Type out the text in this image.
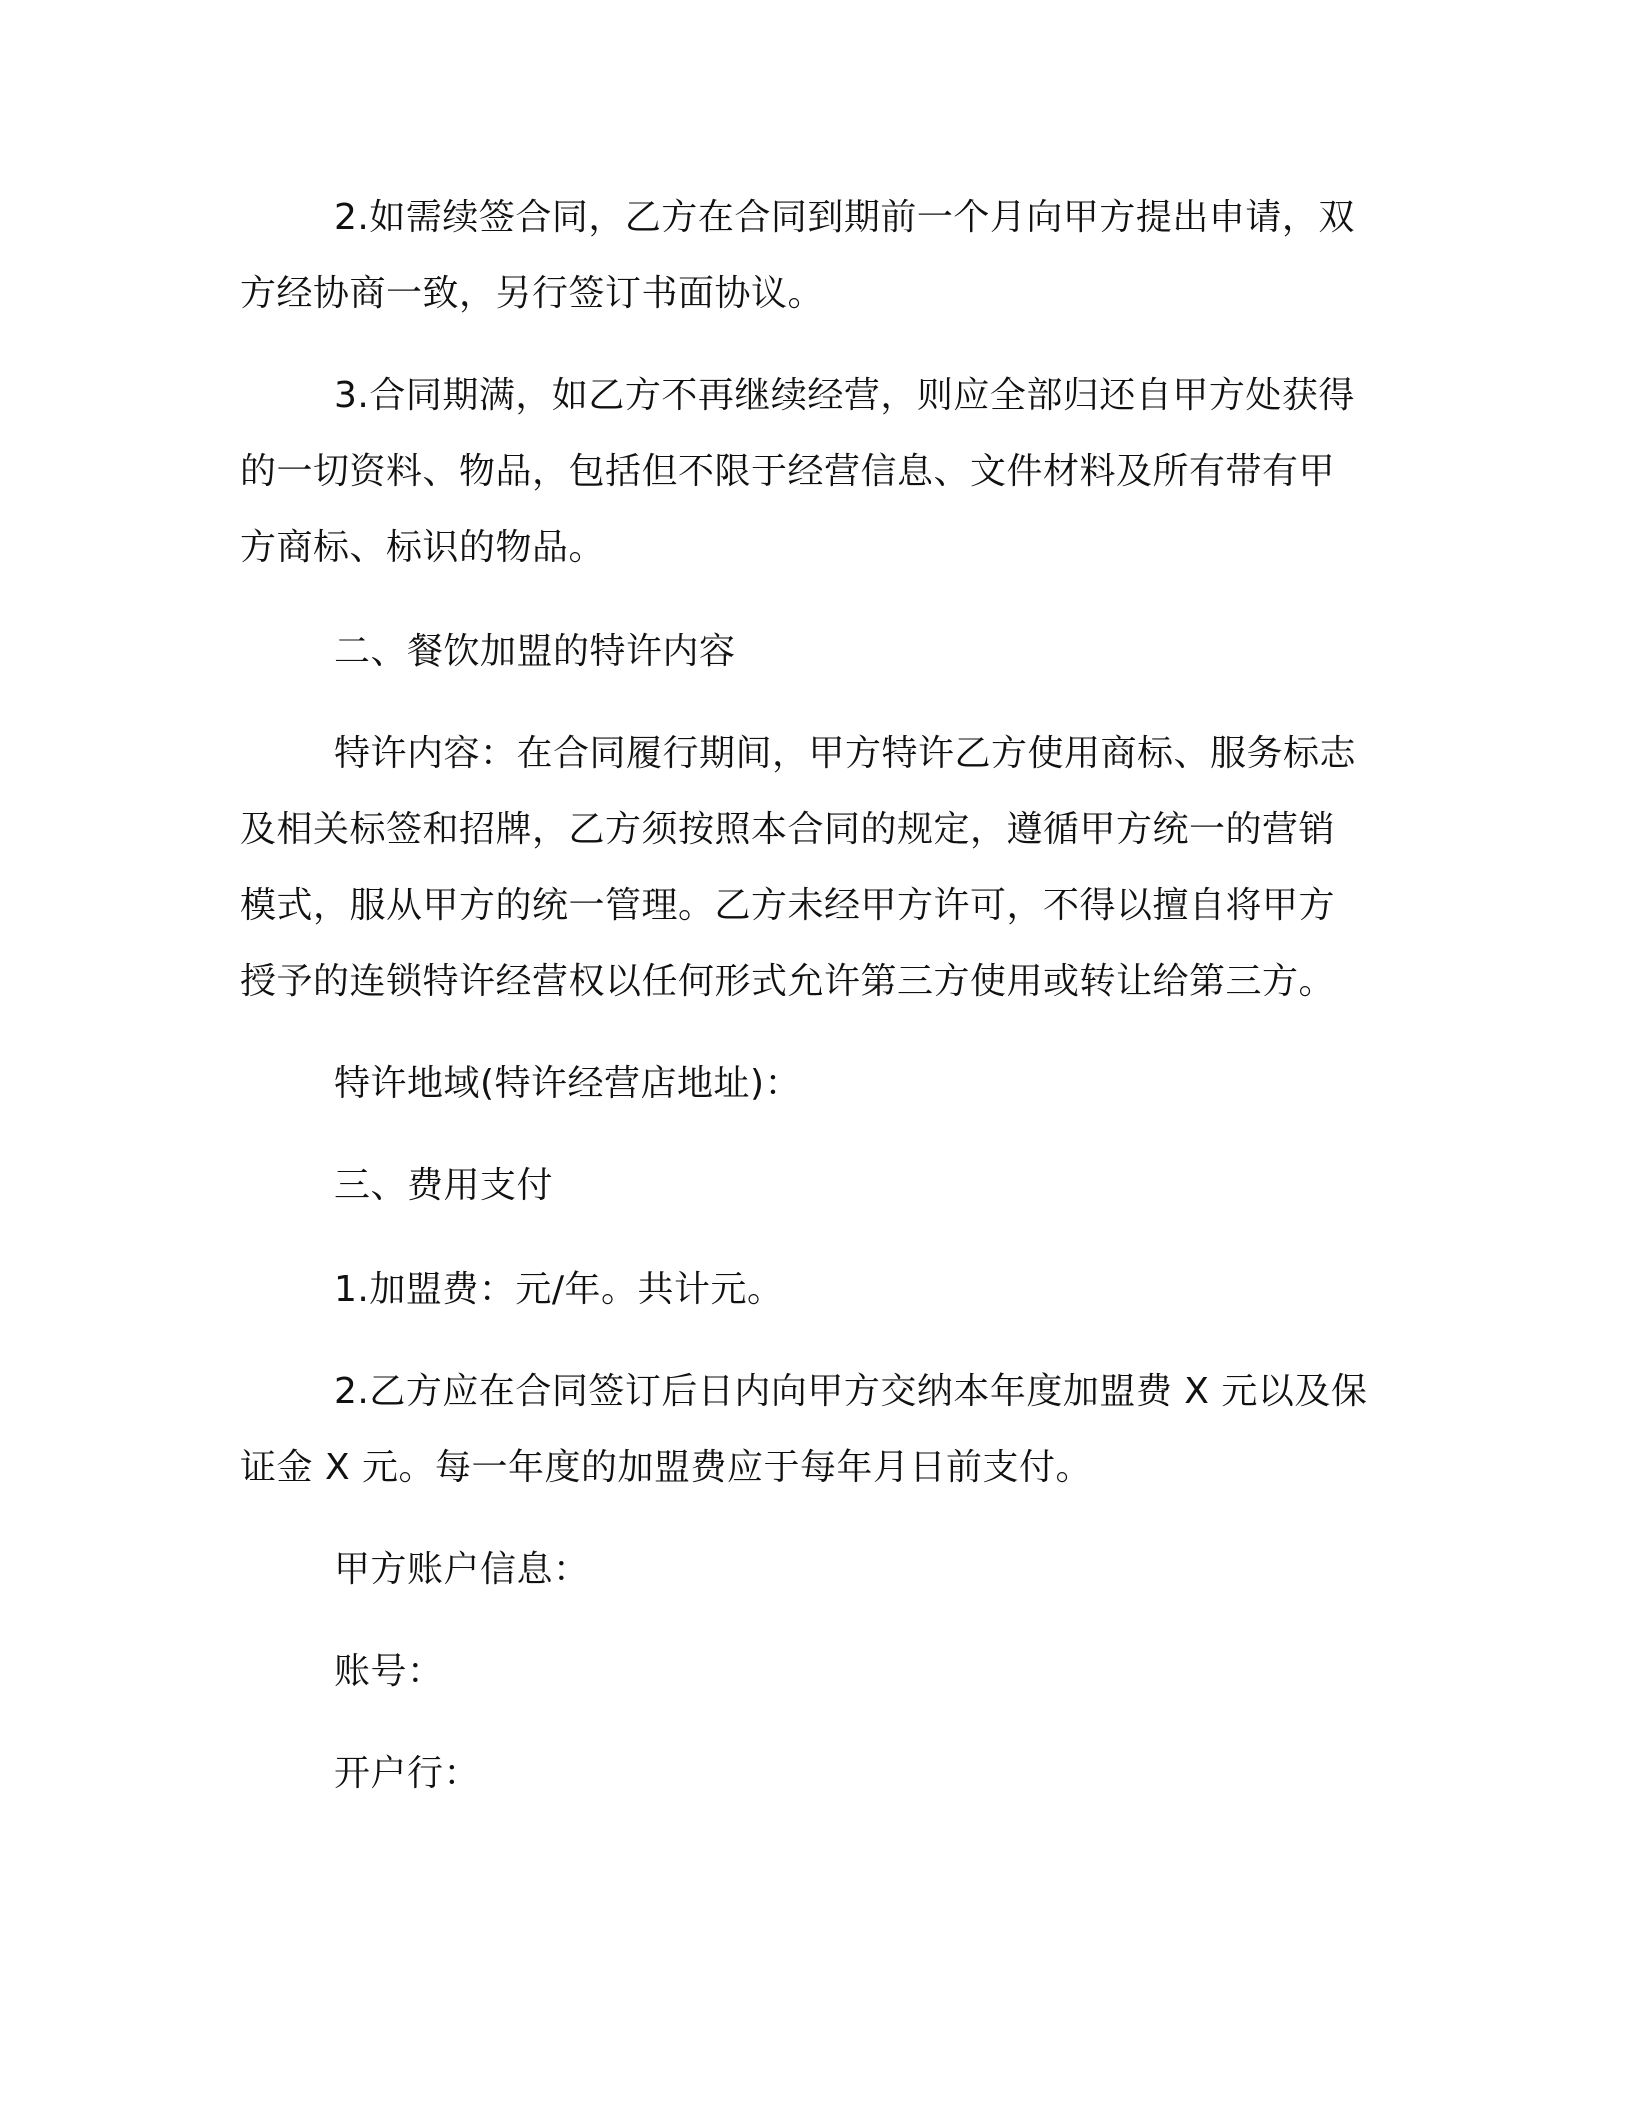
2.如需续签合同，乙方在合同到期前一个月向甲方提出申请，双
方经协商一致，另行签订书面协议。
3.合同期满，如乙方不再继续经营，则应全部归还自甲方处获得
的一切资料、物品，包括但不限于经营信息、文件材料及所有带有甲
方商标、标识的物品。
二、餐饮加盟的特许内容
特许内容：在合同履行期间，甲方特许乙方使用商标、服务标志
及相关标签和招牌，乙方须按照本合同的规定，遵循甲方统一的营销
模式，服从甲方的统一管理。乙方未经甲方许可，不得以擅自将甲方
授予的连锁特许经营权以任何形式允许第三方使用或转让给第三方。
特许地域(特许经营店地址)：
三、费用支付
1.加盟费：元/年。共计元。
2.乙方应在合同签订后日内向甲方交纳本年度加盟费 X 元以及保
证金 X 元。每一年度的加盟费应于每年月日前支付。
甲方账户信息：
账号：
开户行：
